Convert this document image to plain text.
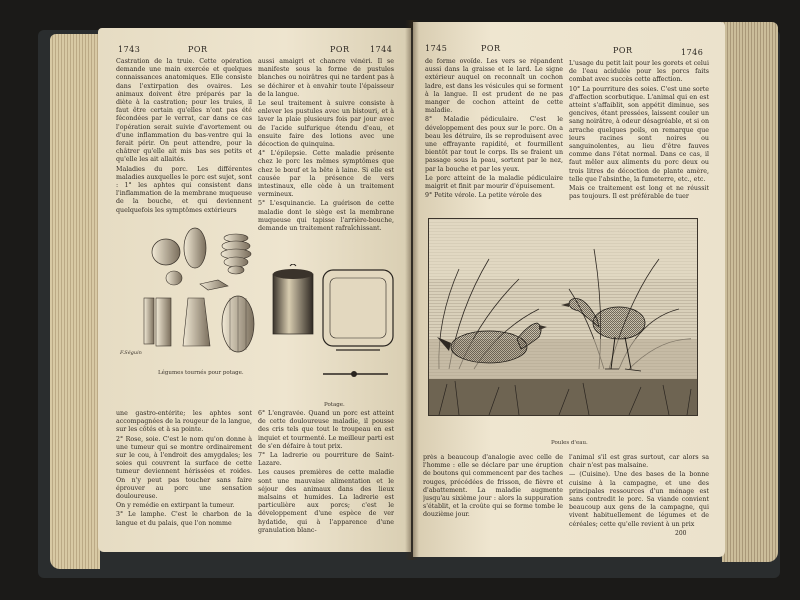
1743	POR	POR	1744

Castration de la truie. Cette opération demande une main exercée et quelques connaissances anatomiques. Elle consiste dans l'extirpation des ovaires. Les animaux doivent être préparés par la diète à la castration; pour les truies, il faut être certain qu'elles n'ont pas été fécondées par le verrat, car dans ce cas l'opération serait suivie d'avortement ou d'une inflammation du bas-ventre qui la ferait périr. On peut attendre, pour la châtrer qu'elle ait mis bas ses petits et qu'elle les ait allaités.

Maladies du porc. Les différentes maladies auxquelles le porc est sujet, sont : 1° les aphtes qui consistent dans l'inflammation de la membrane muqueuse de la bouche, et qui deviennent quelquefois les symptômes extérieurs

aussi amaigri et chancre vénéri. Il se manifeste sous la forme de pustules blanches ou noirâtres qui ne tardent pas à se déchirer et à envahir toute l'épaisseur de la langue.

Le seul traitement à suivre consiste à enlever les pustules avec un bistouri, et à laver la plaie plusieurs fois par jour avec de l'acide sulfurique étendu d'eau, et ensuite faire des lotions avec une décoction de quinquina.

4° L'épilepsie. Cette maladie présente chez le porc les mêmes symptômes que chez le bœuf et la bête à laine. Si elle est causée par la présence de vers intestinaux, elle cède à un traitement vermineux.

5° L'esquinancie. La guérison de cette maladie dont le siège est la membrane muqueuse qui tapisse l'arrière-bouche, demande un traitement rafraîchissant.

F.Séguin
Légumes tournés pour potage.
Potage.

une gastro-entérite; les aphtes sont accompagnées de la rougeur de la langue, sur les côtés et à sa pointe.

2° Rose, soie. C'est le nom qu'on donne à une tumeur qui se montre ordinairement sur le cou, à l'endroit des amygdales; les soies qui couvrent la surface de cette tumeur deviennent hérissées et roides. On n'y peut pas toucher sans faire éprouver au porc une sensation douloureuse.

On y remédie en extirpant la tumeur.

3° Le lamphe. C'est le charbon de la langue et du palais, que l'on nomme

6° L'engravée. Quand un porc est atteint de cette douloureuse maladie, il pousse des cris tels que tout le troupeau en est inquiet et tourmenté. Le meilleur parti est de s'en défaire à tout prix.

7° La ladrerie ou pourriture de Saint-Lazare.

Les causes premières de cette maladie sont une mauvaise alimentation et le séjour des animaux dans des lieux malsains et humides. La ladrerie est particulière aux porcs; c'est le développement d'une espèce de ver hydatide, qui à l'apparence d'une granulation blanc-

1745	POR	POR	1746

de forme ovoïde. Les vers se répandent aussi dans la graisse et le lard. Le signe extérieur auquel on reconnaît un cochon ladre, est dans les vésicules qui se forment à la langue. Il est prudent de ne pas manger de cochon atteint de cette maladie.

8° Maladie pédiculaire. C'est le développement des poux sur le porc. On a beau les détruire, ils se reproduisent avec une effrayante rapidité, et fourmillent bientôt par tout le corps. Ils se fraient un passage sous la peau, sortent par le nez, par la bouche et par les yeux.

Le porc atteint de la maladie pédiculaire maigrit et finit par mourir d'épuisement.

9° Petite vérole. La petite vérole des

L'usage du petit lait pour les gorets et celui de l'eau acidulée pour les porcs faits combat avec succès cette affection.

10° La pourriture des soies. C'est une sorte d'affection scorbutique. L'animal qui en est atteint s'affaiblit, son appétit diminue, ses gencives, étant pressées, laissent couler un sang noirâtre, à odeur désagréable, et si on arrache quelques poils, on remarque que leurs racines sont noires ou sanguinolentes, au lieu d'être fauves comme dans l'état normal. Dans ce cas, il faut mêler aux aliments du porc deux ou trois litres de décoction de plante amère, telle que l'absinthe, la fumeterre, etc., etc.

Mais ce traitement est long et ne réussit pas toujours. Il est préférable de tuer

Poules d'eau.

près a beaucoup d'analogie avec celle de l'homme : elle se déclare par une éruption de boutons qui commencent par des taches rouges, précédées de frisson, de fièvre et d'abattement. La maladie augmente jusqu'au sixième jour : alors la suppuration s'établit, et la croûte qui se forme tombe le douzième jour.

l'animal s'il est gras surtout, car alors sa chair n'est pas malsaine.

— (Cuisine). Une des bases de la bonne cuisine à la campagne, et une des principales ressources d'un ménage est sans contredit le porc. Sa viande convient beaucoup aux gens de la campagne, qui vivent habituellement de légumes et de céréales; cette qu'elle revient à un prix

200
